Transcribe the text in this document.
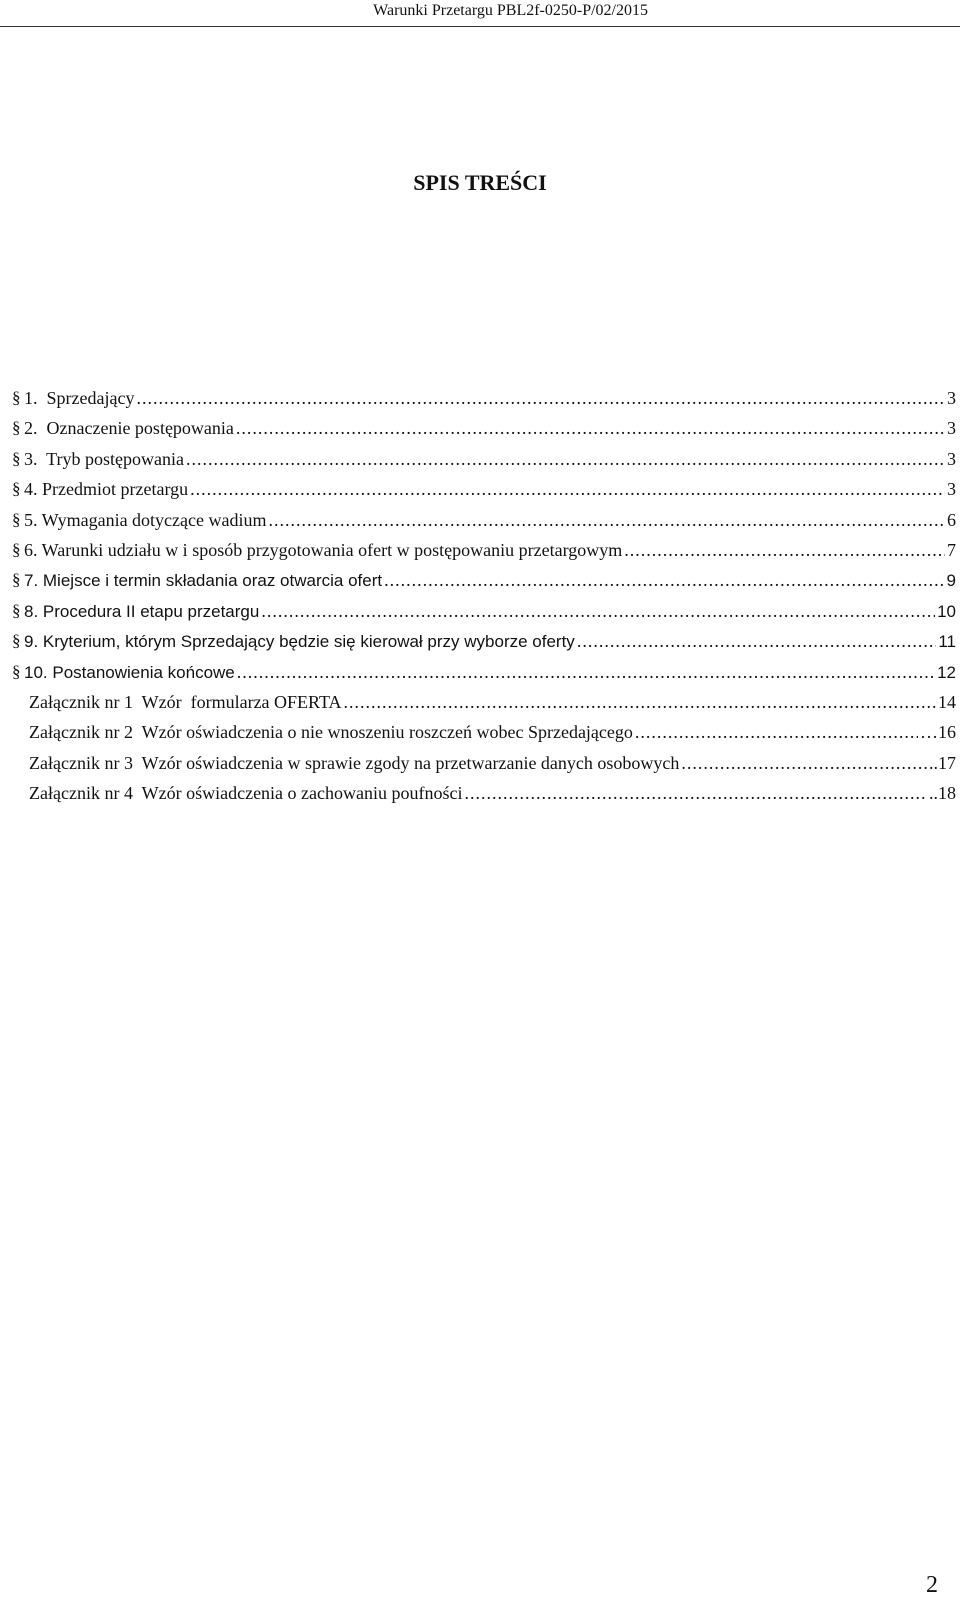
Warunki Przetargu PBL2f-0250-P/02/2015
SPIS TREŚCI
§ 1.  Sprzedający .....	3
§ 2.  Oznaczenie postępowania .....	3
§ 3.  Tryb postępowania .....	3
§ 4. Przedmiot przetargu .....	3
§ 5. Wymagania dotyczące wadium .....	6
§ 6. Warunki udziału w i sposób przygotowania ofert w postępowaniu przetargowym .....	7
§ 7. Miejsce i termin składania oraz otwarcia ofert .....	9
§ 8. Procedura II etapu przetargu .....	10
§ 9. Kryterium, którym Sprzedający będzie się kierował przy wyborze oferty .....	11
§ 10. Postanowienia końcowe .....	12
Załącznik nr 1  Wzór  formularza OFERTA .....	14
Załącznik nr 2  Wzór oświadczenia o nie wnoszeniu roszczeń wobec Sprzedającego .....	…16
Załącznik nr 3  Wzór oświadczenia w sprawie zgody na przetwarzanie danych osobowych .....	..17
Załącznik nr 4  Wzór oświadczenia o zachowaniu poufności .....	..18
2
